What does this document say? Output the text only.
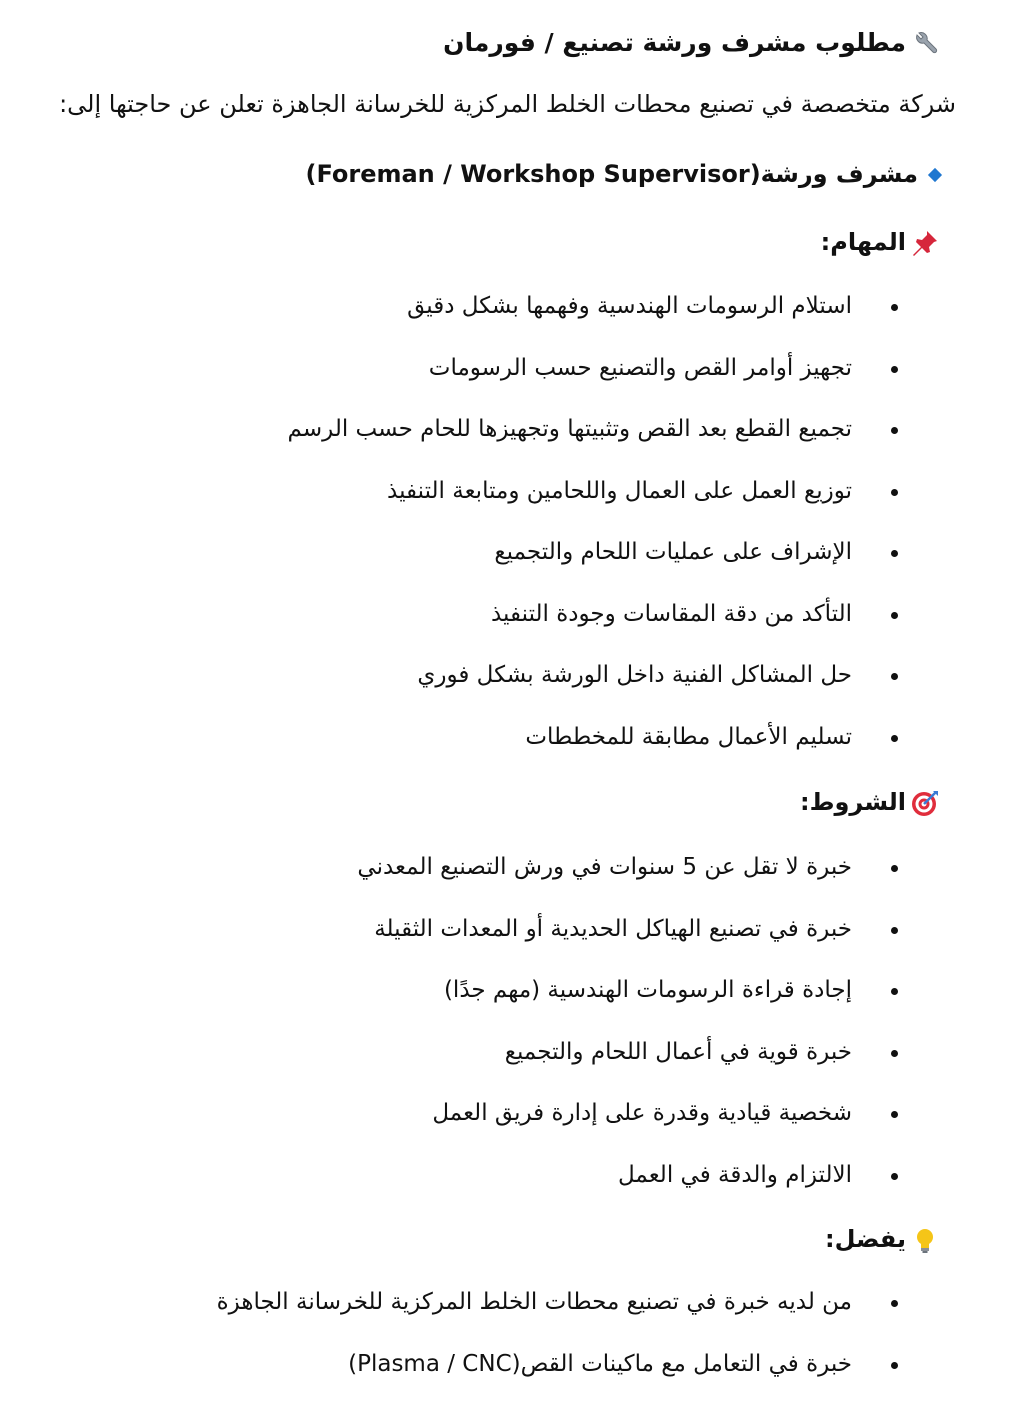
مطلوب مشرف ورشة تصنيع / فورمان
شركة متخصصة في تصنيع محطات الخلط المركزية للخرسانة الجاهزة تعلن عن حاجتها إلى:
مشرف ورشة(Foreman / Workshop Supervisor)
المهام:
استلام الرسومات الهندسية وفهمها بشكل دقيق
تجهيز أوامر القص والتصنيع حسب الرسومات
تجميع القطع بعد القص وتثبيتها وتجهيزها للحام حسب الرسم
توزيع العمل على العمال واللحامين ومتابعة التنفيذ
الإشراف على عمليات اللحام والتجميع
التأكد من دقة المقاسات وجودة التنفيذ
حل المشاكل الفنية داخل الورشة بشكل فوري
تسليم الأعمال مطابقة للمخططات
الشروط:
خبرة لا تقل عن 5 سنوات في ورش التصنيع المعدني
خبرة في تصنيع الهياكل الحديدية أو المعدات الثقيلة
إجادة قراءة الرسومات الهندسية (مهم جدًا)
خبرة قوية في أعمال اللحام والتجميع
شخصية قيادية وقدرة على إدارة فريق العمل
الالتزام والدقة في العمل
يفضل:
من لديه خبرة في تصنيع محطات الخلط المركزية للخرسانة الجاهزة
خبرة في التعامل مع ماكينات القص(Plasma / CNC)
